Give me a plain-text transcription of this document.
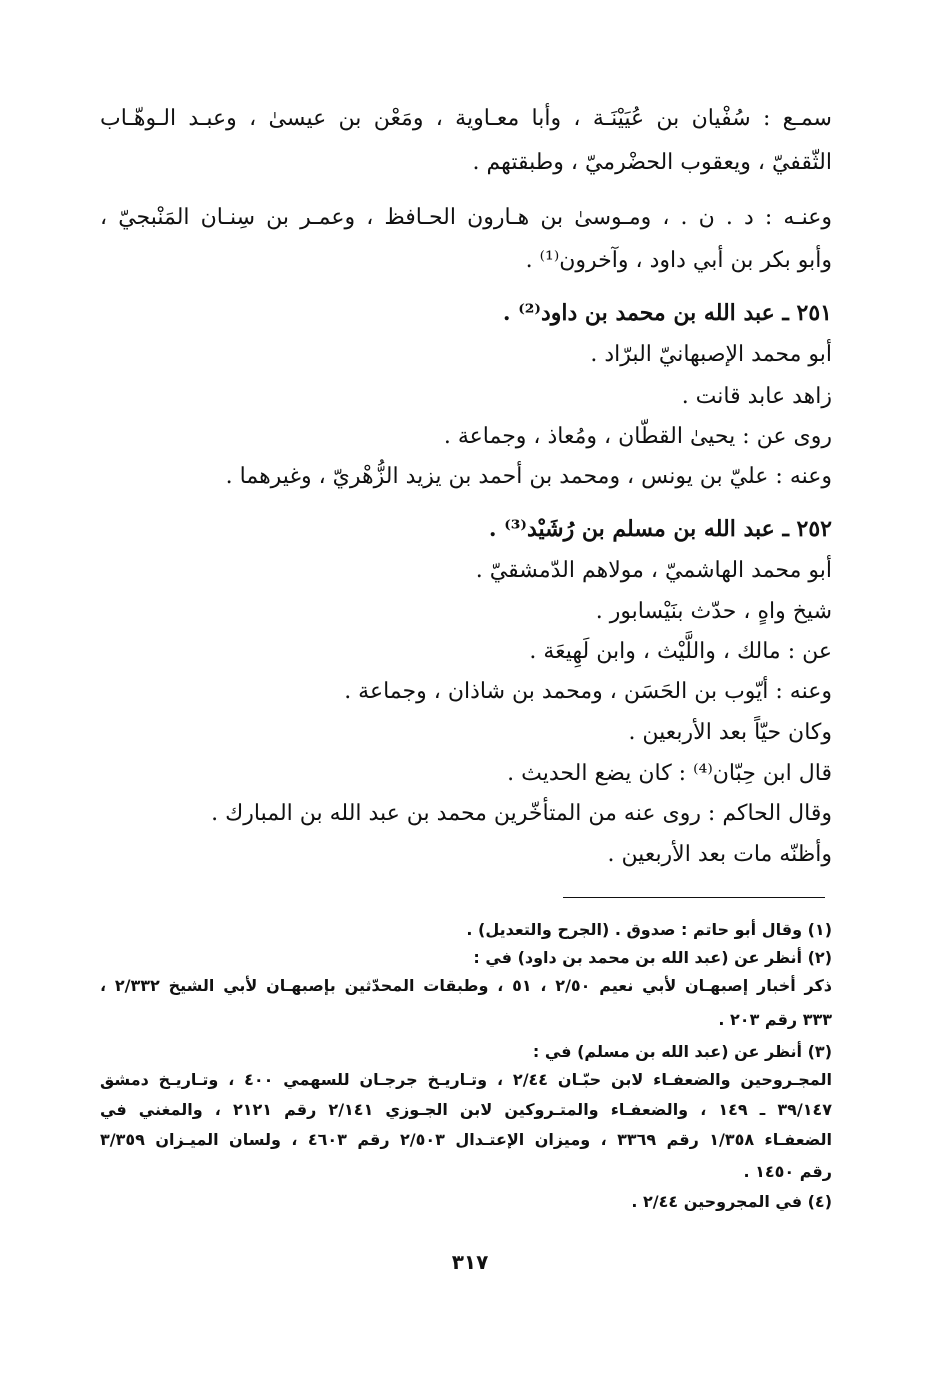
سمـع : سُفْيان بن عُيَيْنَـة ، وأبا معـاوية ، ومَعْن بن عيسىٰ ، وعبـد الـوهّـاب
الثّقفيّ ، ويعقوب الحضْرميّ ، وطبقتهم .
وعنـه : د . ن . ، ومـوسىٰ بن هـارون الحـافظ ، وعمـر بن سِنـان المَنْبجيّ ،
وأبو بكر بن أبي داود ، وآخرون⁽¹⁾ .
٢٥١ ـ عبد الله بن محمد بن داود⁽²⁾ .
أبو محمد الإصبهانيّ البرّاد .
زاهد عابد قانت .
روى عن : يحيىٰ القطّان ، ومُعاذ ، وجماعة .
وعنه : عليّ بن يونس ، ومحمد بن أحمد بن يزيد الزُّهْريّ ، وغيرهما .
٢٥٢ ـ عبد الله بن مسلم بن رُشَيْد⁽³⁾ .
أبو محمد الهاشميّ ، مولاهم الدّمشقيّ .
شيخ واهٍ ، حدّث بنَيْسابور .
عن : مالك ، واللَّيْث ، وابن لَهِيعَة .
وعنه : أيّوب بن الحَسَن ، ومحمد بن شاذان ، وجماعة .
وكان حيّاً بعد الأربعين .
قال ابن حِبّان⁽⁴⁾ : كان يضع الحديث .
وقال الحاكم : روى عنه من المتأخّرين محمد بن عبد الله بن المبارك .
وأظنّه مات بعد الأربعين .
(١) وقال أبو حاتم : صدوق . (الجرح والتعديل) .
(٢) أنظر عن (عبد الله بن محمد بن داود) في :
ذكر أخبار إصبهـان لأبي نعيم ٢/٥٠ ، ٥١ ، وطبقات المحدّثين بإصبهـان لأبي الشيخ ٢/٣٣٢ ،
٣٣٣ رقم ٢٠٣ .
(٣) أنظر عن (عبد الله بن مسلم) في :
المجـروحين والضعفـاء لابن حبّـان ٢/٤٤ ، وتـاريـخ جرجـان للسهمي ٤٠٠ ، وتـاريـخ دمشق
٣٩/١٤٧ ـ ١٤٩ ، والضعفـاء والمتـروكين لابن الجـوزي ٢/١٤١ رقم ٢١٢١ ، والمغني في
الضعفـاء ١/٣٥٨ رقم ٣٣٦٩ ، وميزان الإعتـدال ٢/٥٠٣ رقم ٤٦٠٣ ، ولسان الميـزان ٣/٣٥٩
رقم ١٤٥٠ .
(٤) في المجروحين ٢/٤٤ .
٣١٧
